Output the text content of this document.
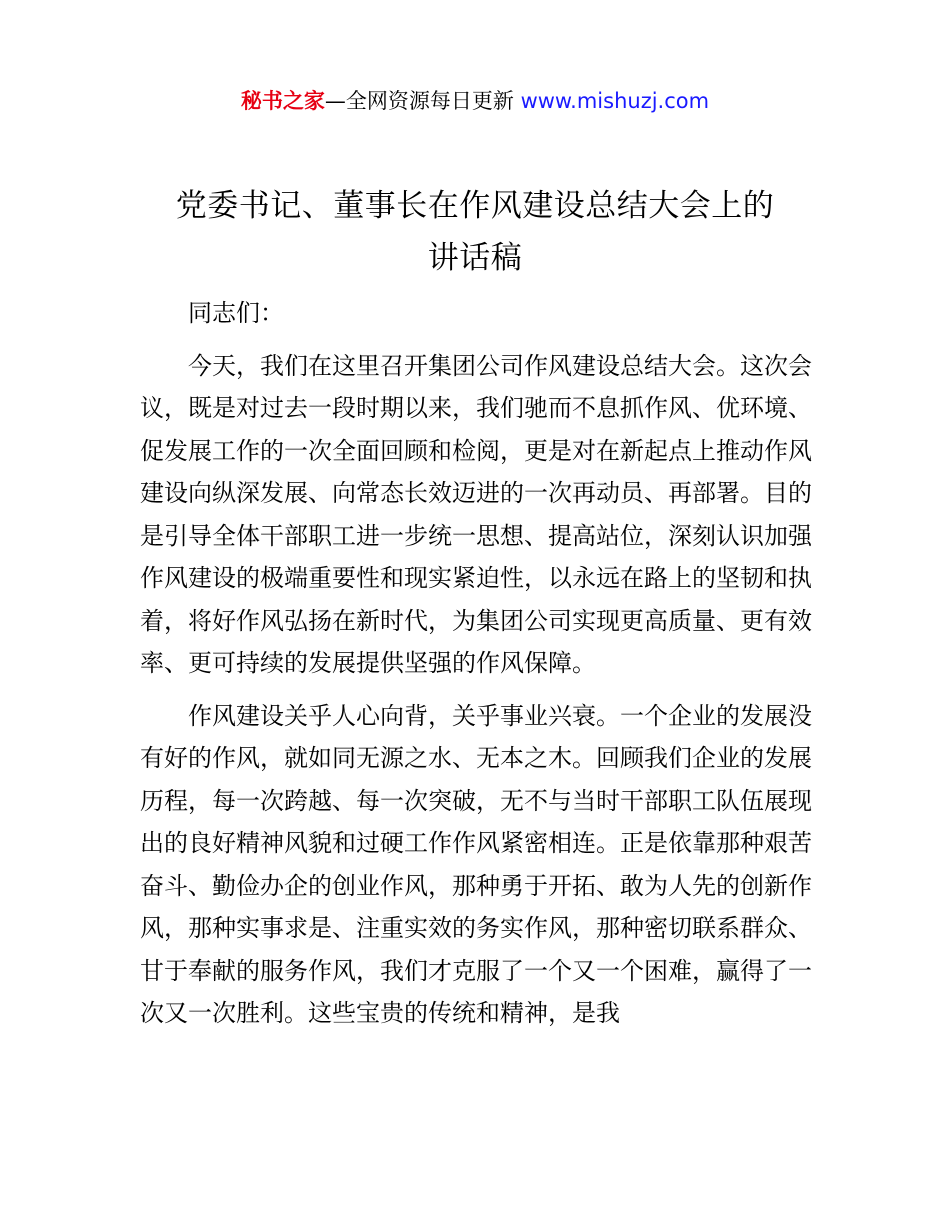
秘书之家—全网资源每日更新 www.mishuzj.com
党委书记、董事长在作风建设总结大会上的
讲话稿

同志们：

今天，我们在这里召开集团公司作风建设总结大会。这次会议，既是对过去一段时期以来，我们驰而不息抓作风、优环境、促发展工作的一次全面回顾和检阅，更是对在新起点上推动作风建设向纵深发展、向常态长效迈进的一次再动员、再部署。目的是引导全体干部职工进一步统一思想、提高站位，深刻认识加强作风建设的极端重要性和现实紧迫性，以永远在路上的坚韧和执着，将好作风弘扬在新时代，为集团公司实现更高质量、更有效率、更可持续的发展提供坚强的作风保障。

作风建设关乎人心向背，关乎事业兴衰。一个企业的发展没有好的作风，就如同无源之水、无本之木。回顾我们企业的发展历程，每一次跨越、每一次突破，无不与当时干部职工队伍展现出的良好精神风貌和过硬工作作风紧密相连。正是依靠那种艰苦奋斗、勤俭办企的创业作风，那种勇于开拓、敢为人先的创新作风，那种实事求是、注重实效的务实作风，那种密切联系群众、甘于奉献的服务作风，我们才克服了一个又一个困难，赢得了一次又一次胜利。这些宝贵的传统和精神，是我
